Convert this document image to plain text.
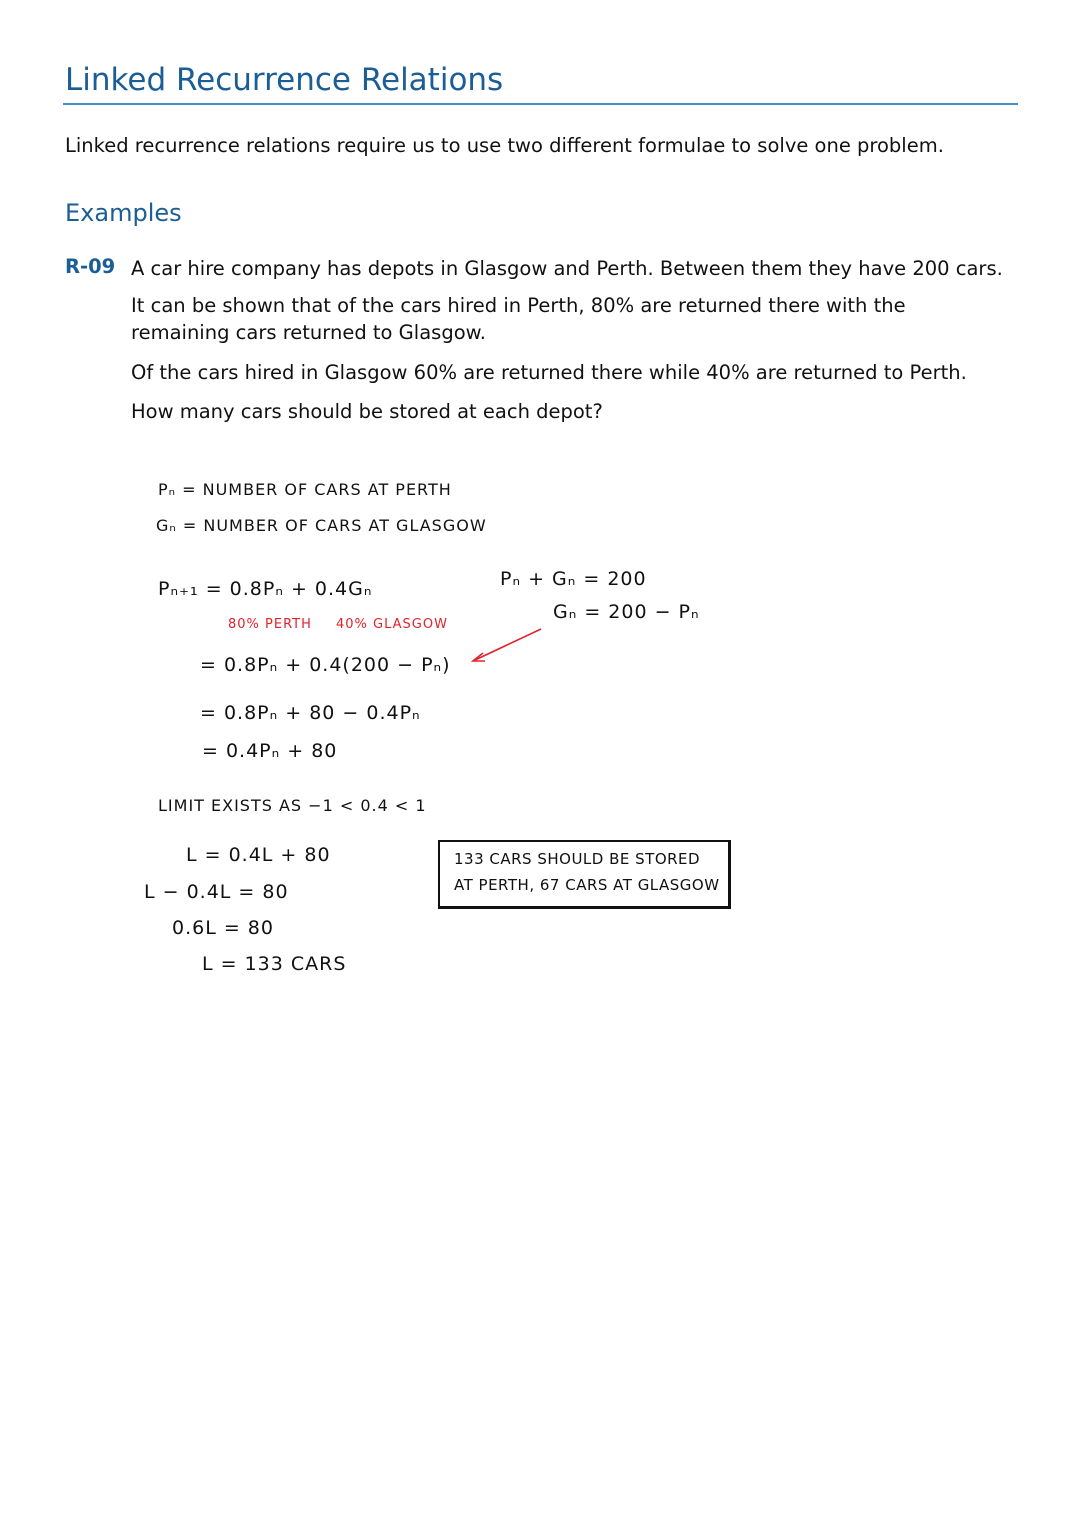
Linked Recurrence Relations
Linked recurrence relations require us to use two different formulae to solve one problem.
Examples
R-09 A car hire company has depots in Glasgow and Perth. Between them they have 200 cars.
It can be shown that of the cars hired in Perth, 80% are returned there with the remaining cars returned to Glasgow.
Of the cars hired in Glasgow 60% are returned there while 40% are returned to Perth.
How many cars should be stored at each depot?
Pₙ = NUMBER OF CARS AT PERTH
Gₙ = NUMBER OF CARS AT GLASGOW
Pₙ₊₁ = 0.8Pₙ + 0.4Gₙ
80% PERTH 40% GLASGOW
Pₙ + Gₙ = 200
Gₙ = 200 − Pₙ
= 0.8Pₙ + 0.4(200 − Pₙ)
= 0.8Pₙ + 80 − 0.4Pₙ
= 0.4Pₙ + 80
LIMIT EXISTS AS −1 < 0.4 < 1
L = 0.4L + 80
L − 0.4L = 80
0.6L = 80
L = 133 CARS
133 CARS SHOULD BE STORED
AT PERTH, 67 CARS AT GLASGOW
